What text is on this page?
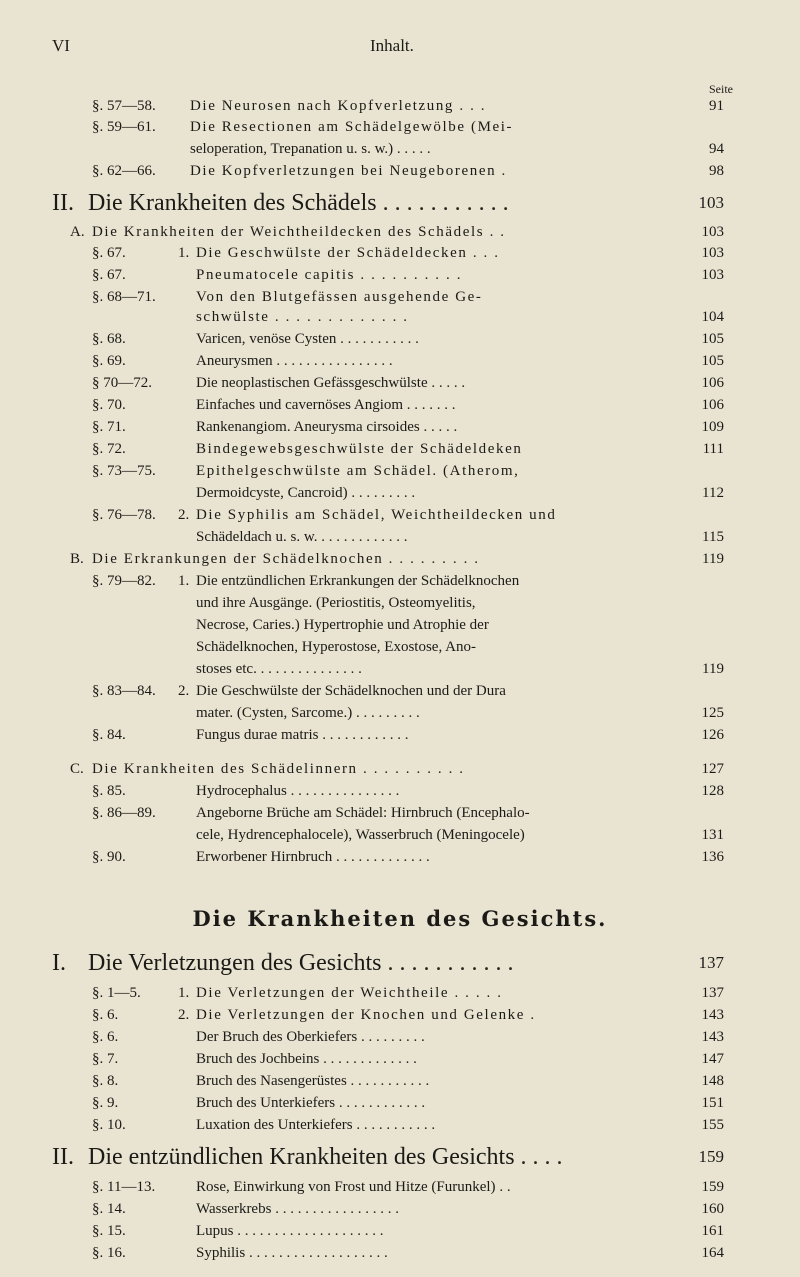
VI	Inhalt.
Seite
§. 57—58. Die Neurosen nach Kopfverletzung . . .	91
§. 59—61. Die Resectionen am Schädelgewölbe (Mei-
seloperation, Trepanation u. s. w.) . . . . .	94
§. 62—66. Die Kopfverletzungen bei Neugeborenen .	98
II. Die Krankheiten des Schädels . . . . . . . . . . .	103
A. Die Krankheiten der Weichtheildecken des Schädels . .	103
§. 67.	1. Die Geschwülste der Schädeldecken . . .	103
§. 67.	Pneumatocele capitis . . . . . . . . . .	103
§. 68—71.	Von den Blutgefässen ausgehende Ge-
schwülste . . . . . . . . . . . . .	104
§. 68.	Varicen, venöse Cysten . . . . . . . . . . .	105
§. 69.	Aneurysmen . . . . . . . . . . . . . . . .	105
§ 70—72.	Die neoplastischen Gefässgeschwülste . . . . .	106
§. 70.	Einfaches und cavernöses Angiom . . . . . . .	106
§. 71.	Rankenangiom. Aneurysma cirsoides . . . . .	109
§. 72.	Bindegewebsgeschwülste der Schädeldeken	111
§. 73—75.	Epithelgeschwülste am Schädel. (Atherom,
Dermoidcyste, Cancroid) . . . . . . . . .	112
§. 76—78. 2. Die Syphilis am Schädel, Weichtheildecken und
Schädeldach u. s. w. . . . . . . . . . . . .	115
B. Die Erkrankungen der Schädelknochen . . . . . . . . .	119
§. 79—82. 1. Die entzündlichen Erkrankungen der Schädelknochen
und ihre Ausgänge. (Periostitis, Osteomyelitis,
Necrose, Caries.) Hypertrophie und Atrophie der
Schädelknochen, Hyperostose, Exostose, Ano-
stoses etc. . . . . . . . . . . . . . .	119
§. 83—84. 2. Die Geschwülste der Schädelknochen und der Dura
mater. (Cysten, Sarcome.) . . . . . . . . .	125
§. 84.	Fungus durae matris . . . . . . . . . . . .	126
C. Die Krankheiten des Schädelinnern . . . . . . . . . .	127
§. 85.	Hydrocephalus . . . . . . . . . . . . . . .	128
§. 86—89.	Angeborne Brüche am Schädel: Hirnbruch (Encephalo-
cele, Hydrencephalocele), Wasserbruch (Meningocele)	131
§. 90.	Erworbener Hirnbruch . . . . . . . . . . . . .	136
Die Krankheiten des Gesichts.
I. Die Verletzungen des Gesichts . . . . . . . . . . .	137
§. 1—5. 1. Die Verletzungen der Weichtheile . . . . .	137
§. 6.	2. Die Verletzungen der Knochen und Gelenke .	143
§. 6.	Der Bruch des Oberkiefers . . . . . . . . .	143
§. 7.	Bruch des Jochbeins . . . . . . . . . . . . .	147
§. 8.	Bruch des Nasengerüstes . . . . . . . . . . .	148
§. 9.	Bruch des Unterkiefers . . . . . . . . . . . .	151
§. 10.	Luxation des Unterkiefers . . . . . . . . . . .	155
II. Die entzündlichen Krankheiten des Gesichts . . . .	159
§. 11—13.	Rose, Einwirkung von Frost und Hitze (Furunkel) . .	159
§. 14.	Wasserkrebs . . . . . . . . . . . . . . . . .	160
§. 15.	Lupus . . . . . . . . . . . . . . . . . . . .	161
§. 16.	Syphilis . . . . . . . . . . . . . . . . . . .	164
